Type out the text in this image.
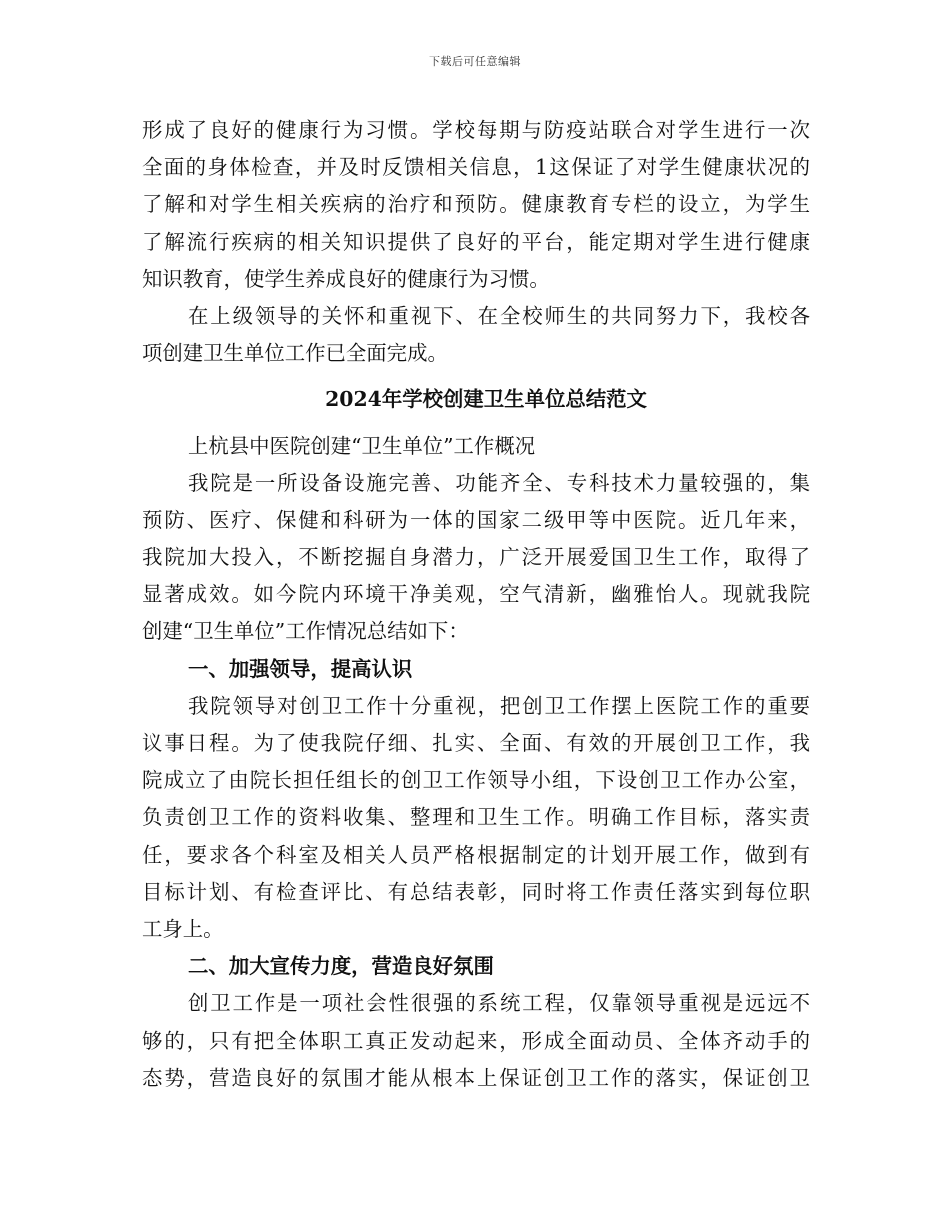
下载后可任意编辑
形成了良好的健康行为习惯。学校每期与防疫站联合对学生进行一次
全面的身体检查，并及时反馈相关信息，1这保证了对学生健康状况的
了解和对学生相关疾病的治疗和预防。健康教育专栏的设立，为学生
了解流行疾病的相关知识提供了良好的平台，能定期对学生进行健康
知识教育，使学生养成良好的健康行为习惯。
在上级领导的关怀和重视下、在全校师生的共同努力下，我校各
项创建卫生单位工作已全面完成。
2024年学校创建卫生单位总结范文
上杭县中医院创建“卫生单位”工作概况
我院是一所设备设施完善、功能齐全、专科技术力量较强的，集
预防、医疗、保健和科研为一体的国家二级甲等中医院。近几年来，
我院加大投入，不断挖掘自身潜力，广泛开展爱国卫生工作，取得了
显著成效。如今院内环境干净美观，空气清新，幽雅怡人。现就我院
创建“卫生单位”工作情况总结如下：
一、加强领导，提高认识
我院领导对创卫工作十分重视，把创卫工作摆上医院工作的重要
议事日程。为了使我院仔细、扎实、全面、有效的开展创卫工作，我
院成立了由院长担任组长的创卫工作领导小组，下设创卫工作办公室，
负责创卫工作的资料收集、整理和卫生工作。明确工作目标，落实责
任，要求各个科室及相关人员严格根据制定的计划开展工作，做到有
目标计划、有检查评比、有总结表彰，同时将工作责任落实到每位职
工身上。
二、加大宣传力度，营造良好氛围
创卫工作是一项社会性很强的系统工程，仅靠领导重视是远远不
够的，只有把全体职工真正发动起来，形成全面动员、全体齐动手的
态势，营造良好的氛围才能从根本上保证创卫工作的落实，保证创卫
